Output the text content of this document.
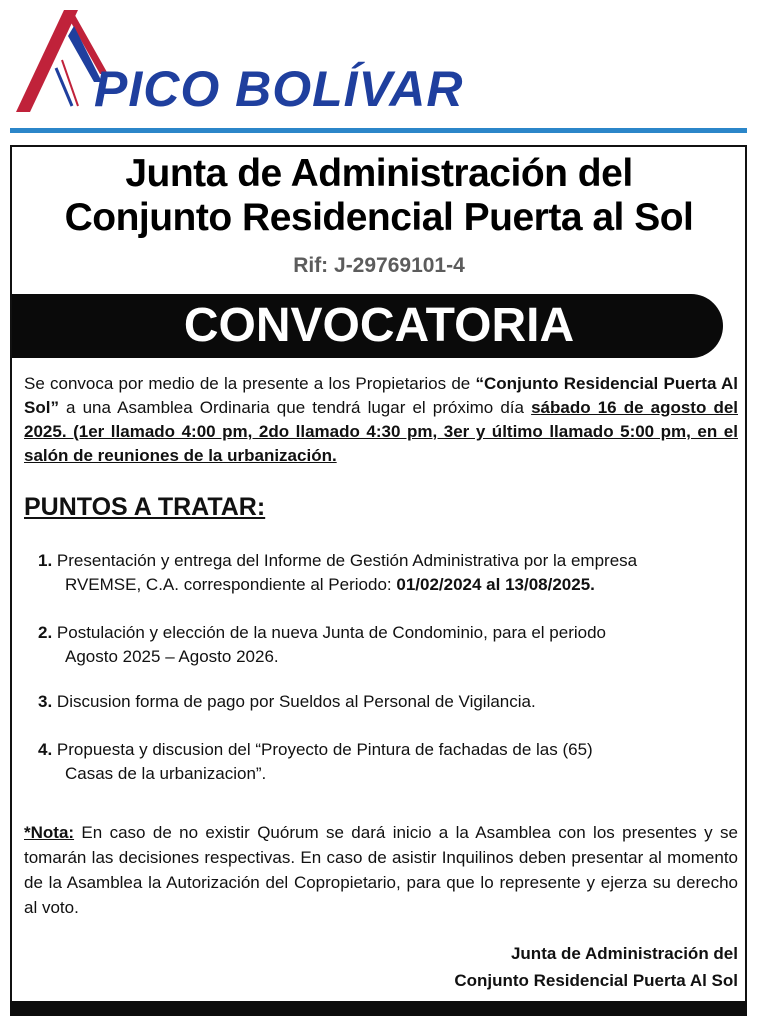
PICO BOLÍVAR
Junta de Administración del
Conjunto Residencial Puerta al Sol
Rif: J-29769101-4
CONVOCATORIA
Se convoca por medio de la presente a los Propietarios de “Conjunto Residencial Puerta Al Sol” a una Asamblea Ordinaria que tendrá lugar el próximo día sábado 16 de agosto del 2025. (1er llamado 4:00 pm, 2do llamado 4:30 pm, 3er y último llamado 5:00 pm, en el salón de reuniones de la urbanización.
PUNTOS A TRATAR:
1. Presentación y entrega del Informe de Gestión Administrativa por la empresa
RVEMSE, C.A. correspondiente al Periodo: 01/02/2024 al 13/08/2025.
2. Postulación y elección de la nueva Junta de Condominio, para el periodo
Agosto 2025 – Agosto 2026.
3. Discusion forma de pago por Sueldos al Personal de Vigilancia.
4. Propuesta y discusion del “Proyecto de Pintura de fachadas de las (65)
Casas de la urbanizacion”.
*Nota: En caso de no existir Quórum se dará inicio a la Asamblea con los presentes y se tomarán las decisiones respectivas. En caso de asistir Inquilinos deben presentar al momento de la Asamblea la Autorización del Copropietario, para que lo represente y ejerza su derecho al voto.
Junta de Administración del
Conjunto Residencial Puerta Al Sol
